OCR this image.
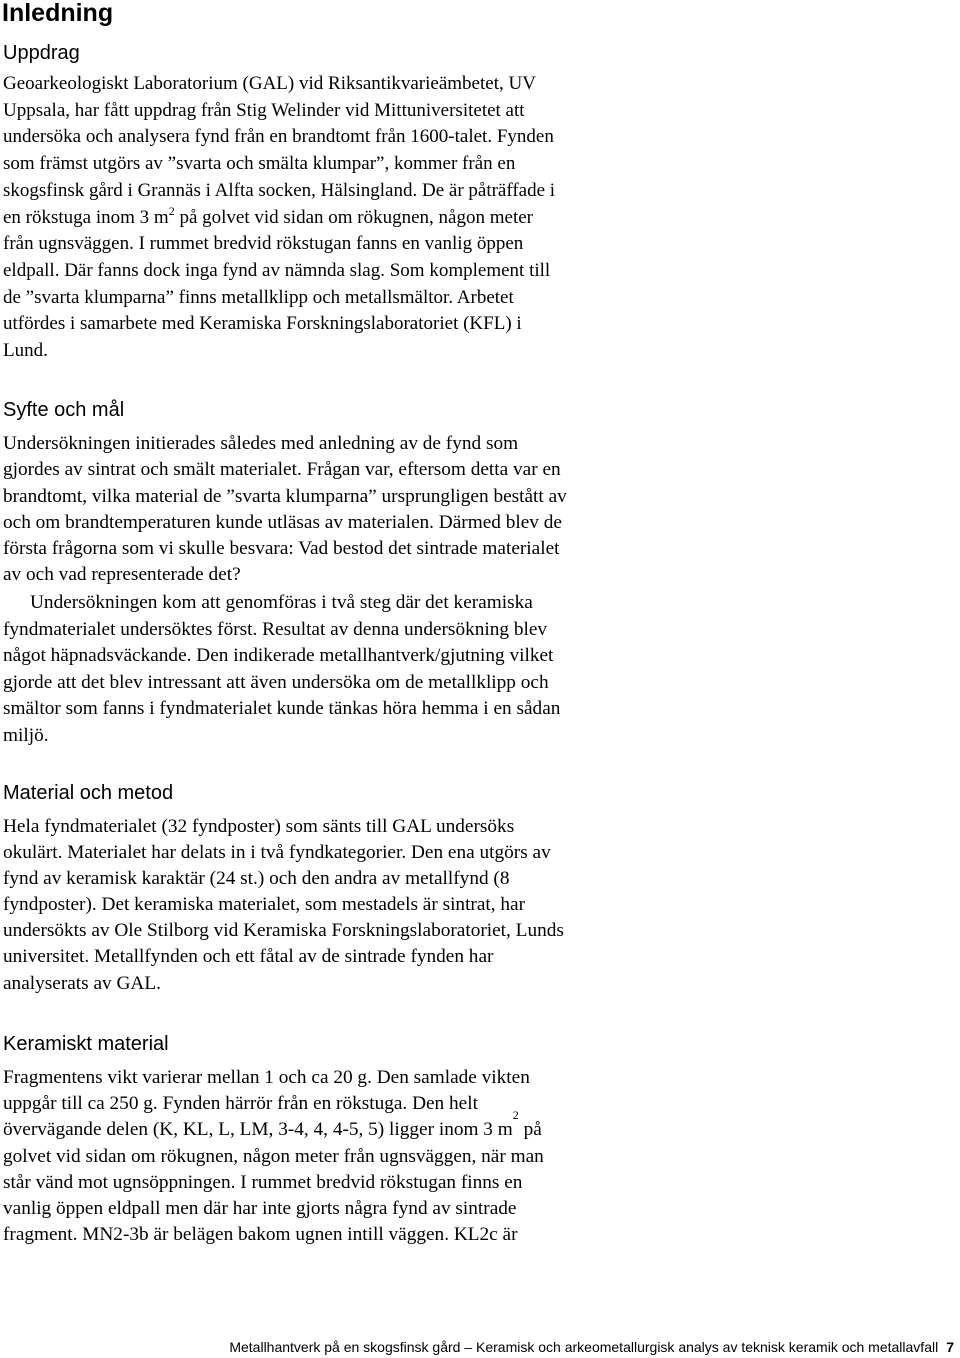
Inledning
Uppdrag
Geoarkeologiskt Laboratorium (GAL) vid Riksantikvarieämbetet, UV
Uppsala, har fått uppdrag från Stig Welinder vid Mittuniversitetet att
undersöka och analysera fynd från en brandtomt från 1600-talet. Fynden
som främst utgörs av ”svarta och smälta klumpar”, kommer från en
skogsfinsk gård i Grannäs i Alfta socken, Hälsingland. De är påträffade i
en rökstuga inom 3 $m^2$ på golvet vid sidan om rökugnen, någon meter
från ugnsväggen. I rummet bredvid rökstugan fanns en vanlig öppen
eldpall. Där fanns dock inga fynd av nämnda slag. Som komplement till
de ”svarta klumparna” finns metallklipp och metallsmältor. Arbetet
utfördes i samarbete med Keramiska Forskningslaboratoriet (KFL) i
Lund.
Syfte och mål
Undersökningen initierades således med anledning av de fynd som
gjordes av sintrat och smält materialet. Frågan var, eftersom detta var en
brandtomt, vilka material de ”svarta klumparna” ursprungligen bestått av
och om brandtemperaturen kunde utläsas av materialen. Därmed blev de
första frågorna som vi skulle besvara: Vad bestod det sintrade materialet
av och vad representerade det?
Undersökningen kom att genomföras i två steg där det keramiska
fyndmaterialet undersöktes först. Resultat av denna undersökning blev
något häpnadsväckande. Den indikerade metallhantverk/gjutning vilket
gjorde att det blev intressant att även undersöka om de metallklipp och
smältor som fanns i fyndmaterialet kunde tänkas höra hemma i en sådan
miljö.
Material och metod
Hela fyndmaterialet (32 fyndposter) som sänts till GAL undersöks
okulärt. Materialet har delats in i två fyndkategorier. Den ena utgörs av
fynd av keramisk karaktär (24 st.) och den andra av metallfynd (8
fyndposter). Det keramiska materialet, som mestadels är sintrat, har
undersökts av Ole Stilborg vid Keramiska Forskningslaboratoriet, Lunds
universitet. Metallfynden och ett fåtal av de sintrade fynden har
analyserats av GAL.
Keramiskt material
Fragmentens vikt varierar mellan 1 och ca 20 g. Den samlade vikten
uppgår till ca 250 g. Fynden härrör från en rökstuga. Den helt
övervägande delen (K, KL, L, LM, 3-4, 4, 4-5, 5) ligger inom 3 $m^2$ på
golvet vid sidan om rökugnen, någon meter från ugnsväggen, när man
står vänd mot ugnsöppningen. I rummet bredvid rökstugan finns en
vanlig öppen eldpall men där har inte gjorts några fynd av sintrade
fragment. MN2-3b är belägen bakom ugnen intill väggen. KL2c är
Metallhantverk på en skogsfinsk gård – Keramisk och arkeometallurgisk analys av teknisk keramik och metallavfall 7
